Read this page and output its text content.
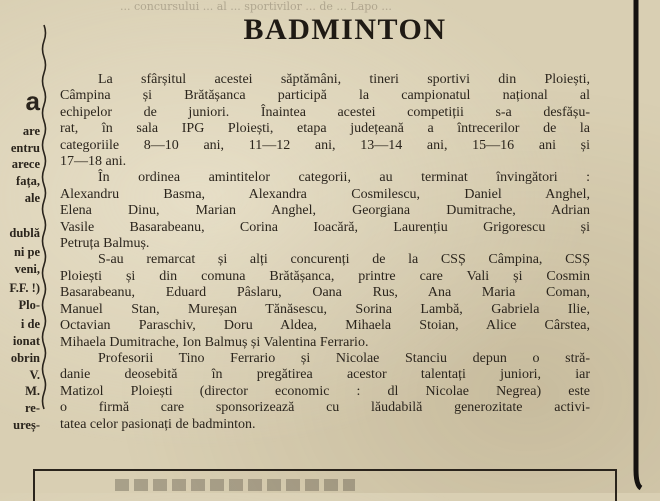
... concursului ... al ... sportivilor ... de ... Lapo ...
a
are
entru
arece
fața,
ale
dublă
ni pe
veni,
F.F. !)
Plo-
i de
ionat
obrin
V.
M.
re-
ureș-
BADMINTON

La sfârșitul acestei săptămâni, tineri sportivi din Ploiești,
Câmpina și Brătășanca participă la campionatul național al
echipelor de juniori. Înaintea acestei competiții s-a desfășu-
rat, în sala IPG Ploiești, etapa județeană a întrecerilor de la
categoriile 8—10 ani, 11—12 ani, 13—14 ani, 15—16 ani și
17—18 ani.

În ordinea amintitelor categorii, au terminat învingători :
Alexandru Basma, Alexandra Cosmilescu, Daniel Anghel,
Elena Dinu, Marian Anghel, Georgiana Dumitrache, Adrian
Vasile Basarabeanu, Corina Ioacără, Laurențiu Grigorescu și
Petruța Balmuș.

S-au remarcat și alți concurenți de la CSȘ Câmpina, CSȘ
Ploiești și din comuna Brătășanca, printre care Vali și Cosmin
Basarabeanu, Eduard Pâslaru, Oana Rus, Ana Maria Coman,
Manuel Stan, Mureșan Tănăsescu, Sorina Lambă, Gabriela Ilie,
Octavian Paraschiv, Doru Aldea, Mihaela Stoian, Alice Cârstea,
Mihaela Dumitrache, Ion Balmuș și Valentina Ferrario.

Profesorii Tino Ferrario și Nicolae Stanciu depun o stră-
danie deosebită în pregătirea acestor talentați juniori, iar
Matizol Ploiești (director economic : dl Nicolae Negrea) este
o firmă care sponsorizează cu lăudabilă generozitate activi-
tatea celor pasionați de badminton.
